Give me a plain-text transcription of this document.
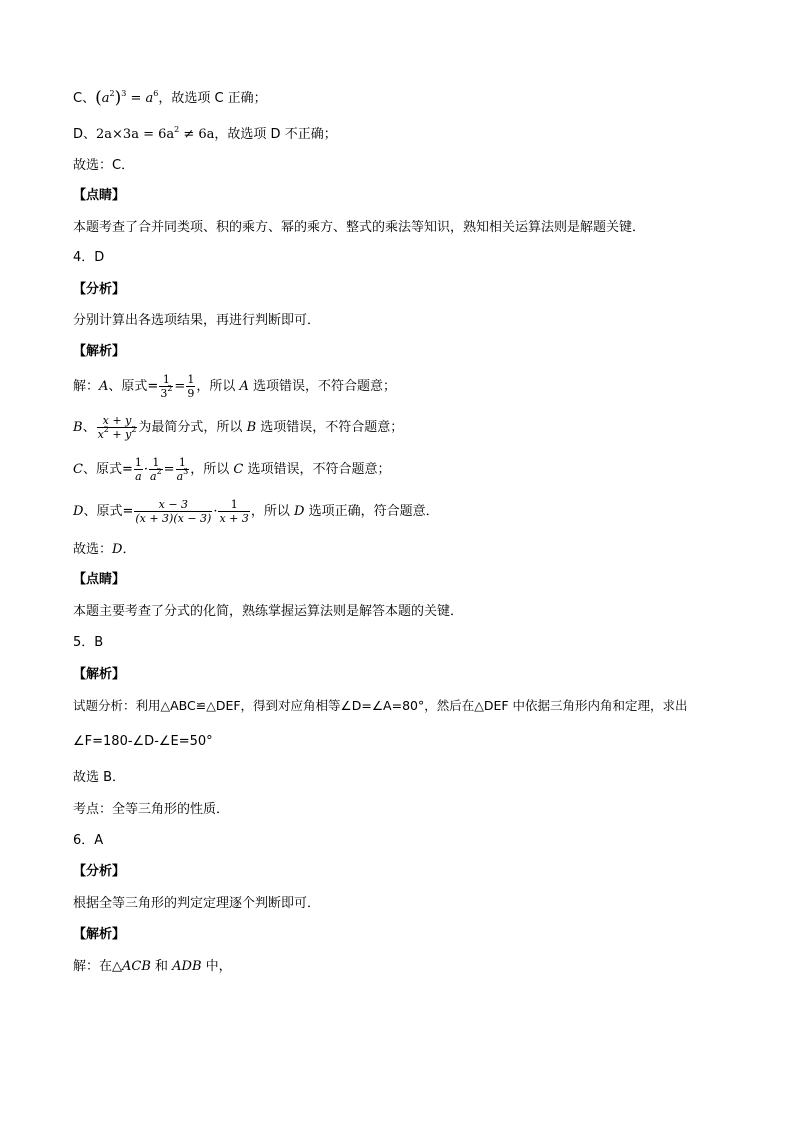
C、$(a^2)^3 = a^6$，故选项 C 正确；
D、$2a\times 3a = 6a^2 \ne 6a$，故选项 D 不正确；
故选：C．
【点睛】
本题考查了合并同类项、积的乘方、幂的乘方、整式的乘法等知识，熟知相关运算法则是解题关键．
4．D
【分析】
分别计算出各选项结果，再进行判断即可．
【解析】
解：A、原式= $\frac{1}{3^2} = \frac{1}{9}$ ，所以 A 选项错误，不符合题意；
B、 $\frac{x + y}{x^2 + y^2}$ 为最简分式，所以 B 选项错误，不符合题意；
C、原式= $\frac{1}{a} \cdot \frac{1}{a^2} = \frac{1}{a^3}$ ，所以 C 选项错误，不符合题意；
D、原式= $\frac{x - 3}{(x + 3)(x - 3)} \cdot \frac{1}{x + 3}$ ，所以 D 选项正确，符合题意．
故选：D．
【点睛】
本题主要考查了分式的化简，熟练掌握运算法则是解答本题的关键．
5．B
【解析】
试题分析：利用△ABC≌△DEF，得到对应角相等∠D=∠A=80°，然后在△DEF 中依据三角形内角和定理，求出
∠F=180-∠D-∠E=50°
故选 B．
考点：全等三角形的性质．
6．A
【分析】
根据全等三角形的判定定理逐个判断即可．
【解析】
解：在△ACB 和 ADB 中，
